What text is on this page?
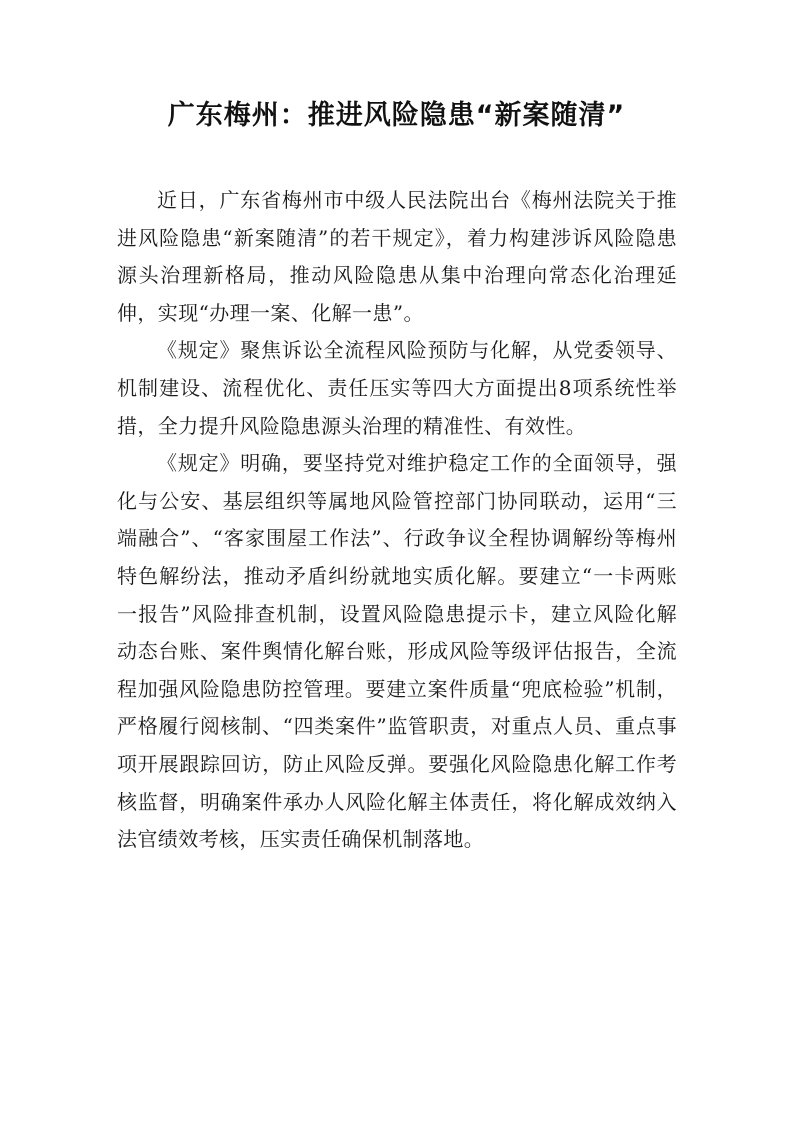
广东梅州：推进风险隐患“新案随清”

近日，广东省梅州市中级人民法院出台《梅州法院关于推进风险隐患“新案随清”的若干规定》，着力构建涉诉风险隐患源头治理新格局，推动风险隐患从集中治理向常态化治理延伸，实现“办理一案、化解一患”。

《规定》聚焦诉讼全流程风险预防与化解，从党委领导、机制建设、流程优化、责任压实等四大方面提出8项系统性举措，全力提升风险隐患源头治理的精准性、有效性。

《规定》明确，要坚持党对维护稳定工作的全面领导，强化与公安、基层组织等属地风险管控部门协同联动，运用“三端融合”、“客家围屋工作法”、行政争议全程协调解纷等梅州特色解纷法，推动矛盾纠纷就地实质化解。要建立“一卡两账一报告”风险排查机制，设置风险隐患提示卡，建立风险化解动态台账、案件舆情化解台账，形成风险等级评估报告，全流程加强风险隐患防控管理。要建立案件质量“兜底检验”机制，严格履行阅核制、“四类案件”监管职责，对重点人员、重点事项开展跟踪回访，防止风险反弹。要强化风险隐患化解工作考核监督，明确案件承办人风险化解主体责任，将化解成效纳入法官绩效考核，压实责任确保机制落地。
